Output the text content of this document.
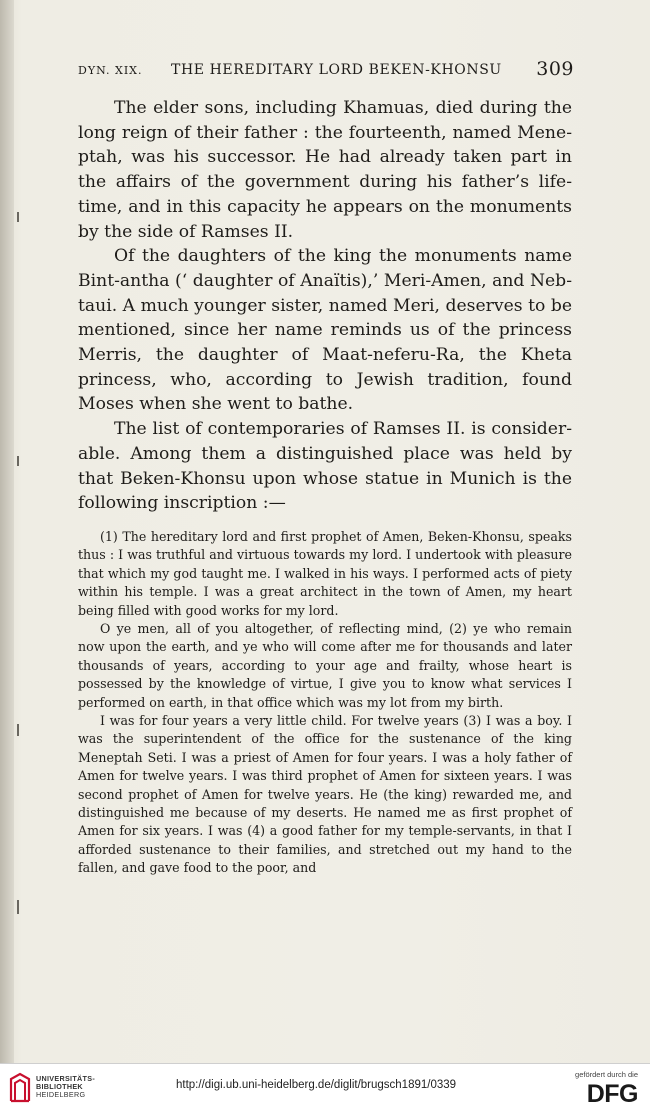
DYN. XIX. THE HEREDITARY LORD BEKEN-KHONSU 309

The elder sons, including Khamuas, died during the long reign of their father : the fourteenth, named Meneptah, was his successor. He had already taken part in the affairs of the government during his father’s lifetime, and in this capacity he appears on the monuments by the side of Ramses II.

Of the daughters of the king the monuments name Bint-antha (‘ daughter of Anaïtis),’ Meri-Amen, and Nebtaui. A much younger sister, named Meri, deserves to be mentioned, since her name reminds us of the princess Merris, the daughter of Maat-neferu-Ra, the Kheta princess, who, according to Jewish tradition, found Moses when she went to bathe.

The list of contemporaries of Ramses II. is considerable. Among them a distinguished place was held by that Beken-Khonsu upon whose statue in Munich is the following inscription :—

(1) The hereditary lord and first prophet of Amen, Beken-Khonsu, speaks thus : I was truthful and virtuous towards my lord. I undertook with pleasure that which my god taught me. I walked in his ways. I performed acts of piety within his temple. I was a great architect in the town of Amen, my heart being filled with good works for my lord.

O ye men, all of you altogether, of reflecting mind, (2) ye who remain now upon the earth, and ye who will come after me for thousands and later thousands of years, according to your age and frailty, whose heart is possessed by the knowledge of virtue, I give you to know what services I performed on earth, in that office which was my lot from my birth.

I was for four years a very little child. For twelve years (3) I was a boy. I was the superintendent of the office for the sustenance of the king Meneptah Seti. I was a priest of Amen for four years. I was a holy father of Amen for twelve years. I was third prophet of Amen for sixteen years. I was second prophet of Amen for twelve years. He (the king) rewarded me, and distinguished me because of my deserts. He named me as first prophet of Amen for six years. I was (4) a good father for my temple-servants, in that I afforded sustenance to their families, and stretched out my hand to the fallen, and gave food to the poor, and

UNIVERSITÄTS-
BIBLIOTHEK
HEIDELBERG
http://digi.ub.uni-heidelberg.de/diglit/brugsch1891/0339
gefördert durch die
DFG
